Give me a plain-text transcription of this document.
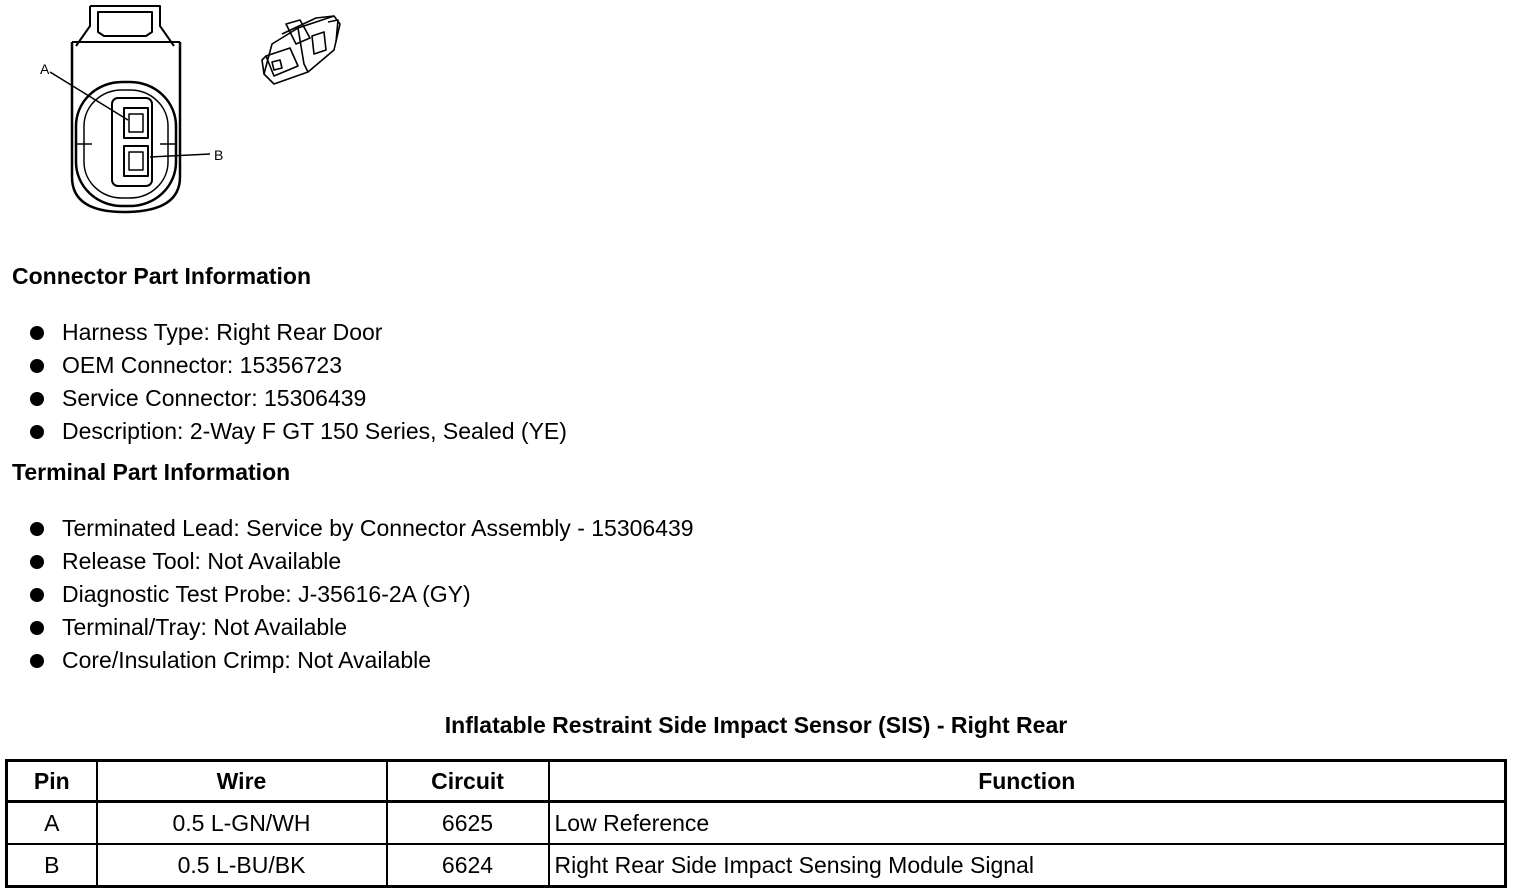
A
B
Connector Part Information
Harness Type: Right Rear Door
OEM Connector: 15356723
Service Connector: 15306439
Description: 2-Way F GT 150 Series, Sealed (YE)
Terminal Part Information
Terminated Lead: Service by Connector Assembly - 15306439
Release Tool: Not Available
Diagnostic Test Probe: J-35616-2A (GY)
Terminal/Tray: Not Available
Core/Insulation Crimp: Not Available
Inflatable Restraint Side Impact Sensor (SIS) - Right Rear
Pin	Wire	Circuit	Function
A	0.5 L-GN/WH	6625	Low Reference
B	0.5 L-BU/BK	6624	Right Rear Side Impact Sensing Module Signal
